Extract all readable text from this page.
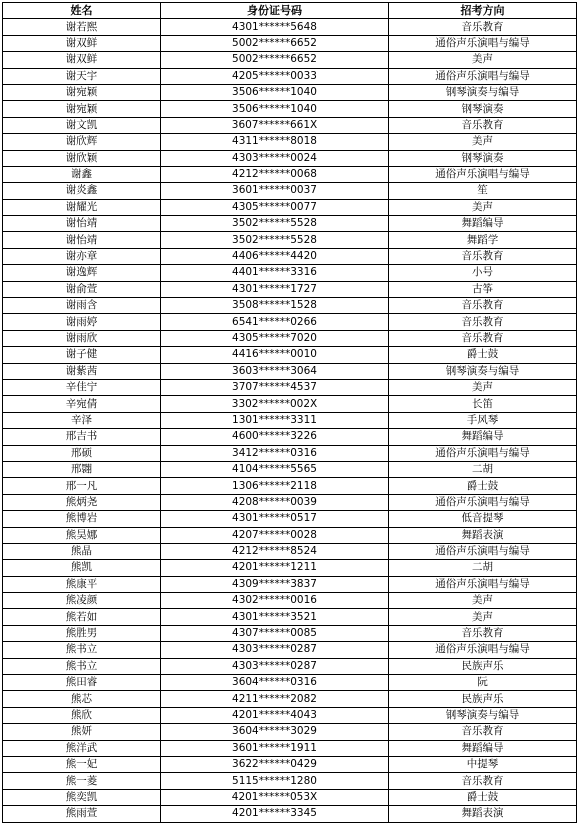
姓名	身份证号码	招考方向
谢若熙	4301******5648	音乐教育
谢双鲜	5002******6652	通俗声乐演唱与编导
谢双鲜	5002******6652	美声
谢天宇	4205******0033	通俗声乐演唱与编导
谢宛颖	3506******1040	钢琴演奏与编导
谢宛颖	3506******1040	钢琴演奏
谢文凯	3607******661X	音乐教育
谢欣辉	4311******8018	美声
谢欣颖	4303******0024	钢琴演奏
谢鑫	4212******0068	通俗声乐演唱与编导
谢炎鑫	3601******0037	笙
谢耀光	4305******0077	美声
谢怡靖	3502******5528	舞蹈编导
谢怡靖	3502******5528	舞蹈学
谢亦章	4406******4420	音乐教育
谢逸辉	4401******3316	小号
谢俞萱	4301******1727	古筝
谢雨含	3508******1528	音乐教育
谢雨婷	6541******0266	音乐教育
谢雨欣	4305******7020	音乐教育
谢子健	4416******0010	爵士鼓
谢紫茜	3603******3064	钢琴演奏与编导
辛佳宁	3707******4537	美声
辛宛倩	3302******002X	长笛
辛泽	1301******3311	手风琴
邢吉书	4600******3226	舞蹈编导
邢硕	3412******0316	通俗声乐演唱与编导
邢翾	4104******5565	二胡
邢一凡	1306******2118	爵士鼓
熊炳尧	4208******0039	通俗声乐演唱与编导
熊博岩	4301******0517	低音提琴
熊昊娜	4207******0028	舞蹈表演
熊晶	4212******8524	通俗声乐演唱与编导
熊凯	4201******1211	二胡
熊康平	4309******3837	通俗声乐演唱与编导
熊凌颜	4302******0016	美声
熊若如	4301******3521	美声
熊胜男	4307******0085	音乐教育
熊书立	4303******0287	通俗声乐演唱与编导
熊书立	4303******0287	民族声乐
熊田睿	3604******0316	阮
熊芯	4211******2082	民族声乐
熊欣	4201******4043	钢琴演奏与编导
熊妍	3604******3029	音乐教育
熊洋武	3601******1911	舞蹈编导
熊一妃	3622******0429	中提琴
熊一菱	5115******1280	音乐教育
熊奕凯	4201******053X	爵士鼓
熊雨萱	4201******3345	舞蹈表演
